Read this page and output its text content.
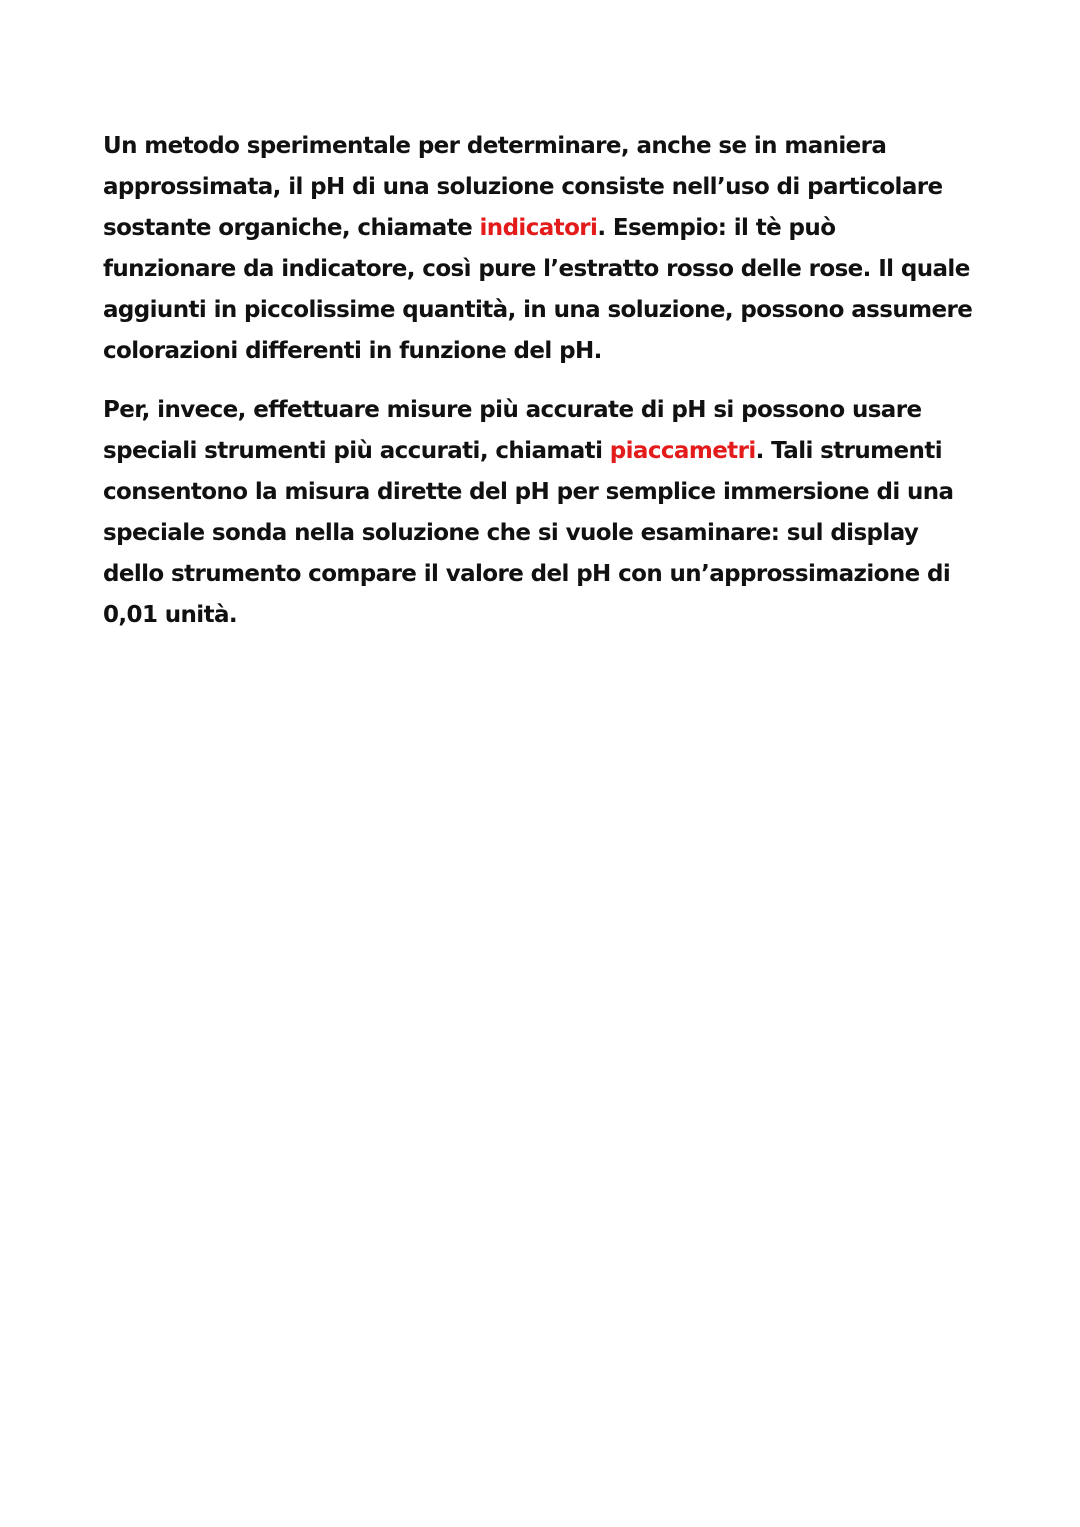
Un metodo sperimentale per determinare, anche se in maniera approssimata, il pH di una soluzione consiste nell’uso di particolare sostante organiche, chiamate indicatori. Esempio: il tè può funzionare da indicatore, così pure l’estratto rosso delle rose. Il quale aggiunti in piccolissime quantità, in una soluzione, possono assumere colorazioni differenti in funzione del pH.

Per, invece, effettuare misure più accurate di pH si possono usare speciali strumenti più accurati, chiamati piaccametri. Tali strumenti consentono la misura dirette del pH per semplice immersione di una speciale sonda nella soluzione che si vuole esaminare: sul display dello strumento compare il valore del pH con un’approssimazione di 0,01 unità.
